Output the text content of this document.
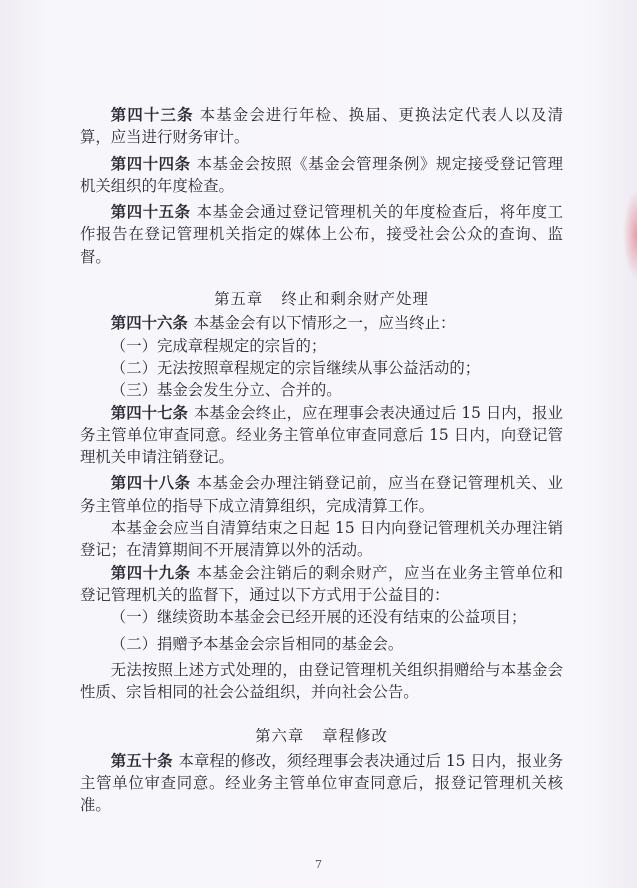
第四十三条 本基金会进行年检、换届、更换法定代表人以及清算，应当进行财务审计。

第四十四条 本基金会按照《基金会管理条例》规定接受登记管理机关组织的年度检查。

第四十五条 本基金会通过登记管理机关的年度检查后，将年度工作报告在登记管理机关指定的媒体上公布，接受社会公众的查询、监督。

第五章 终止和剩余财产处理

第四十六条 本基金会有以下情形之一，应当终止：

（一）完成章程规定的宗旨的；

（二）无法按照章程规定的宗旨继续从事公益活动的；

（三）基金会发生分立、合并的。

第四十七条 本基金会终止，应在理事会表决通过后 15 日内，报业务主管单位审查同意。经业务主管单位审查同意后 15 日内，向登记管理机关申请注销登记。

第四十八条 本基金会办理注销登记前，应当在登记管理机关、业务主管单位的指导下成立清算组织，完成清算工作。

本基金会应当自清算结束之日起 15 日内向登记管理机关办理注销登记；在清算期间不开展清算以外的活动。

第四十九条 本基金会注销后的剩余财产，应当在业务主管单位和登记管理机关的监督下，通过以下方式用于公益目的：

（一）继续资助本基金会已经开展的还没有结束的公益项目；

（二）捐赠予本基金会宗旨相同的基金会。

无法按照上述方式处理的，由登记管理机关组织捐赠给与本基金会性质、宗旨相同的社会公益组织，并向社会公告。

第六章 章程修改

第五十条 本章程的修改，须经理事会表决通过后 15 日内，报业务主管单位审查同意。经业务主管单位审查同意后，报登记管理机关核准。

7
